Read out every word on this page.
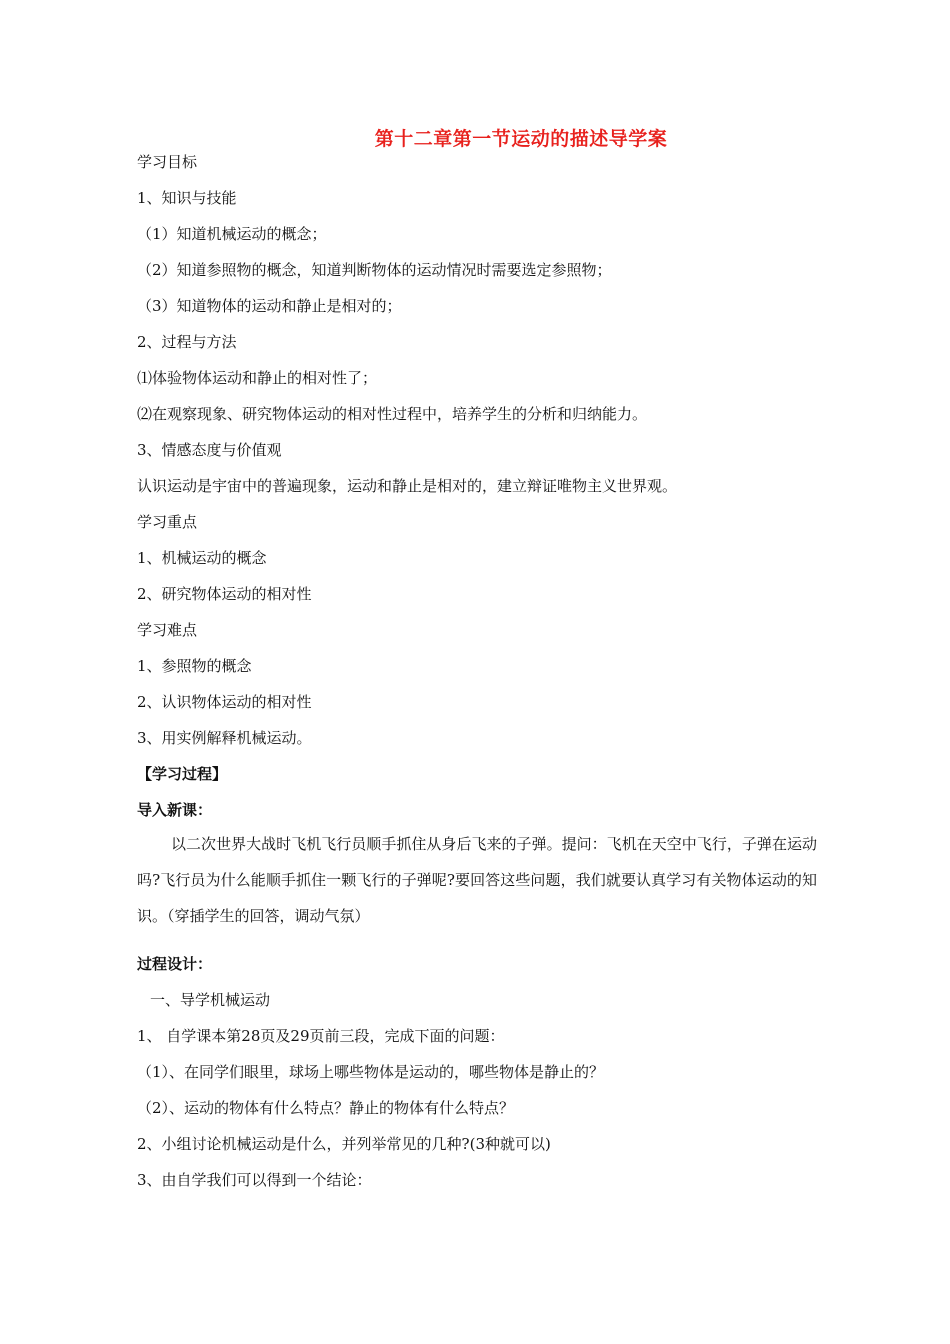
第十二章第一节运动的描述导学案
学习目标
1、知识与技能
（1）知道机械运动的概念；
（2）知道参照物的概念，知道判断物体的运动情况时需要选定参照物；
（3）知道物体的运动和静止是相对的；
2、过程与方法
⑴体验物体运动和静止的相对性了；
⑵在观察现象、研究物体运动的相对性过程中，培养学生的分析和归纳能力。
3、情感态度与价值观
认识运动是宇宙中的普遍现象，运动和静止是相对的，建立辩证唯物主义世界观。
学习重点
1、机械运动的概念
2、研究物体运动的相对性
学习难点
1、参照物的概念
2、认识物体运动的相对性
3、用实例解释机械运动。
【学习过程】
导入新课：
以二次世界大战时飞机飞行员顺手抓住从身后飞来的子弹。提问：飞机在天空中飞行，子弹在运动吗?飞行员为什么能顺手抓住一颗飞行的子弹呢?要回答这些问题，我们就要认真学习有关物体运动的知识。（穿插学生的回答，调动气氛）
过程设计：
一、导学机械运动
1、 自学课本第28页及29页前三段，完成下面的问题：
（1）、在同学们眼里，球场上哪些物体是运动的，哪些物体是静止的？
（2）、运动的物体有什么特点？静止的物体有什么特点？
2、小组讨论机械运动是什么，并列举常见的几种?(3种就可以)
3、由自学我们可以得到一个结论：
